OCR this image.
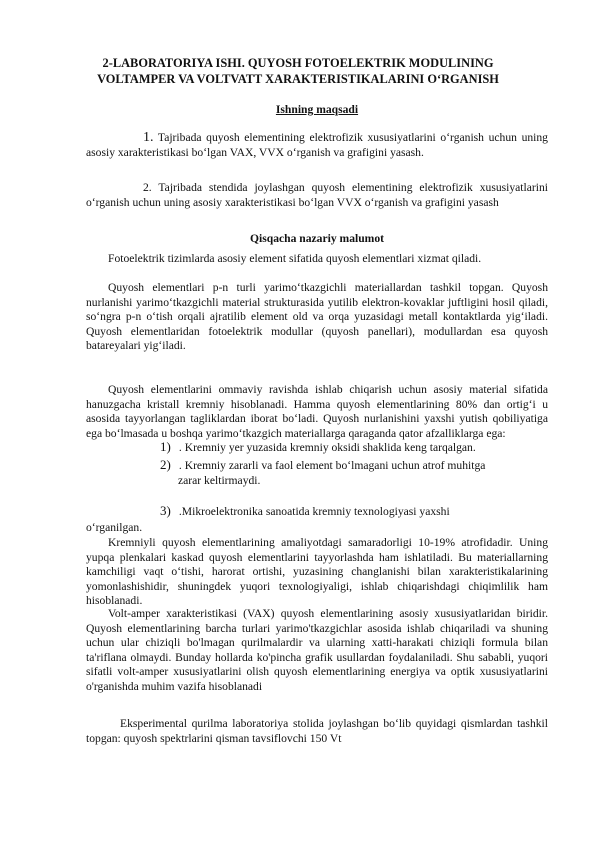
2-LABORATORIYA ISHI. QUYOSH FOTOELEKTRIK MODULINING
VOLTAMPER VA VOLTVATT XARAKTERISTIKALARINI O‘RGANISH
Ishning maqsadi
1. Tajribada quyosh elementining elektrofizik xususiyatlarini o‘rganish uchun uning asosiy xarakteristikasi bo‘lgan VAX, VVX o‘rganish va grafigini yasash.
2. Tajribada stendida joylashgan quyosh elementining elektrofizik xususiyatlarini o‘rganish uchun uning asosiy xarakteristikasi bo‘lgan VVX o‘rganish va grafigini yasash
Qisqacha nazariy malumot
Fotoelektrik tizimlarda asosiy element sifatida quyosh elementlari xizmat qiladi.
Quyosh elementlari p-n turli yarimo‘tkazgichli materiallardan tashkil topgan. Quyosh nurlanishi yarimo‘tkazgichli material strukturasida yutilib elektron-kovaklar juftligini hosil qiladi, so‘ngra p-n o‘tish orqali ajratilib element old va orqa yuzasidagi metall kontaktlarda yig‘iladi. Quyosh elementlaridan fotoelektrik modullar (quyosh panellari), modullardan esa quyosh batareyalari yig‘iladi.
Quyosh elementlarini ommaviy ravishda ishlab chiqarish uchun asosiy material sifatida hanuzgacha kristall kremniy hisoblanadi. Hamma quyosh elementlarining 80% dan ortig‘i u asosida tayyorlangan tagliklardan iborat bo‘ladi. Quyosh nurlanishini yaxshi yutish qobiliyatiga ega bo‘lmasada u boshqa yarimo‘tkazgich materiallarga qaraganda qator afzalliklarga ega:
1) . Kremniy yer yuzasida kremniy oksidi shaklida keng tarqalgan.
2) . Kremniy zararli va faol element bo‘lmagani uchun atrof muhitga
zarar keltirmaydi.
3) .Mikroelektronika sanoatida kremniy texnologiyasi yaxshi
o‘rganilgan.
Kremniyli quyosh elementlarining amaliyotdagi samaradorligi 10-19% atrofidadir. Uning yupqa plenkalari kaskad quyosh elementlarini tayyorlashda ham ishlatiladi. Bu materiallarning kamchiligi vaqt o‘tishi, harorat ortishi, yuzasining changlanishi bilan xarakteristikalarining yomonlashishidir, shuningdek yuqori texnologiyaligi, ishlab chiqarishdagi chiqimlilik ham hisoblanadi.
Volt-amper xarakteristikasi (VAX) quyosh elementlarining asosiy xususiyatlaridan biridir. Quyosh elementlarining barcha turlari yarimo'tkazgichlar asosida ishlab chiqariladi va shuning uchun ular chiziqli bo'lmagan qurilmalardir va ularning xatti-harakati chiziqli formula bilan ta'riflana olmaydi. Bunday hollarda ko'pincha grafik usullardan foydalaniladi. Shu sababli, yuqori sifatli volt-amper xususiyatlarini olish quyosh elementlarining energiya va optik xususiyatlarini o'rganishda muhim vazifa hisoblanadi
Eksperimental qurilma laboratoriya stolida joylashgan bo‘lib quyidagi qismlardan tashkil topgan: quyosh spektrlarini qisman tavsiflovchi 150 Vt
